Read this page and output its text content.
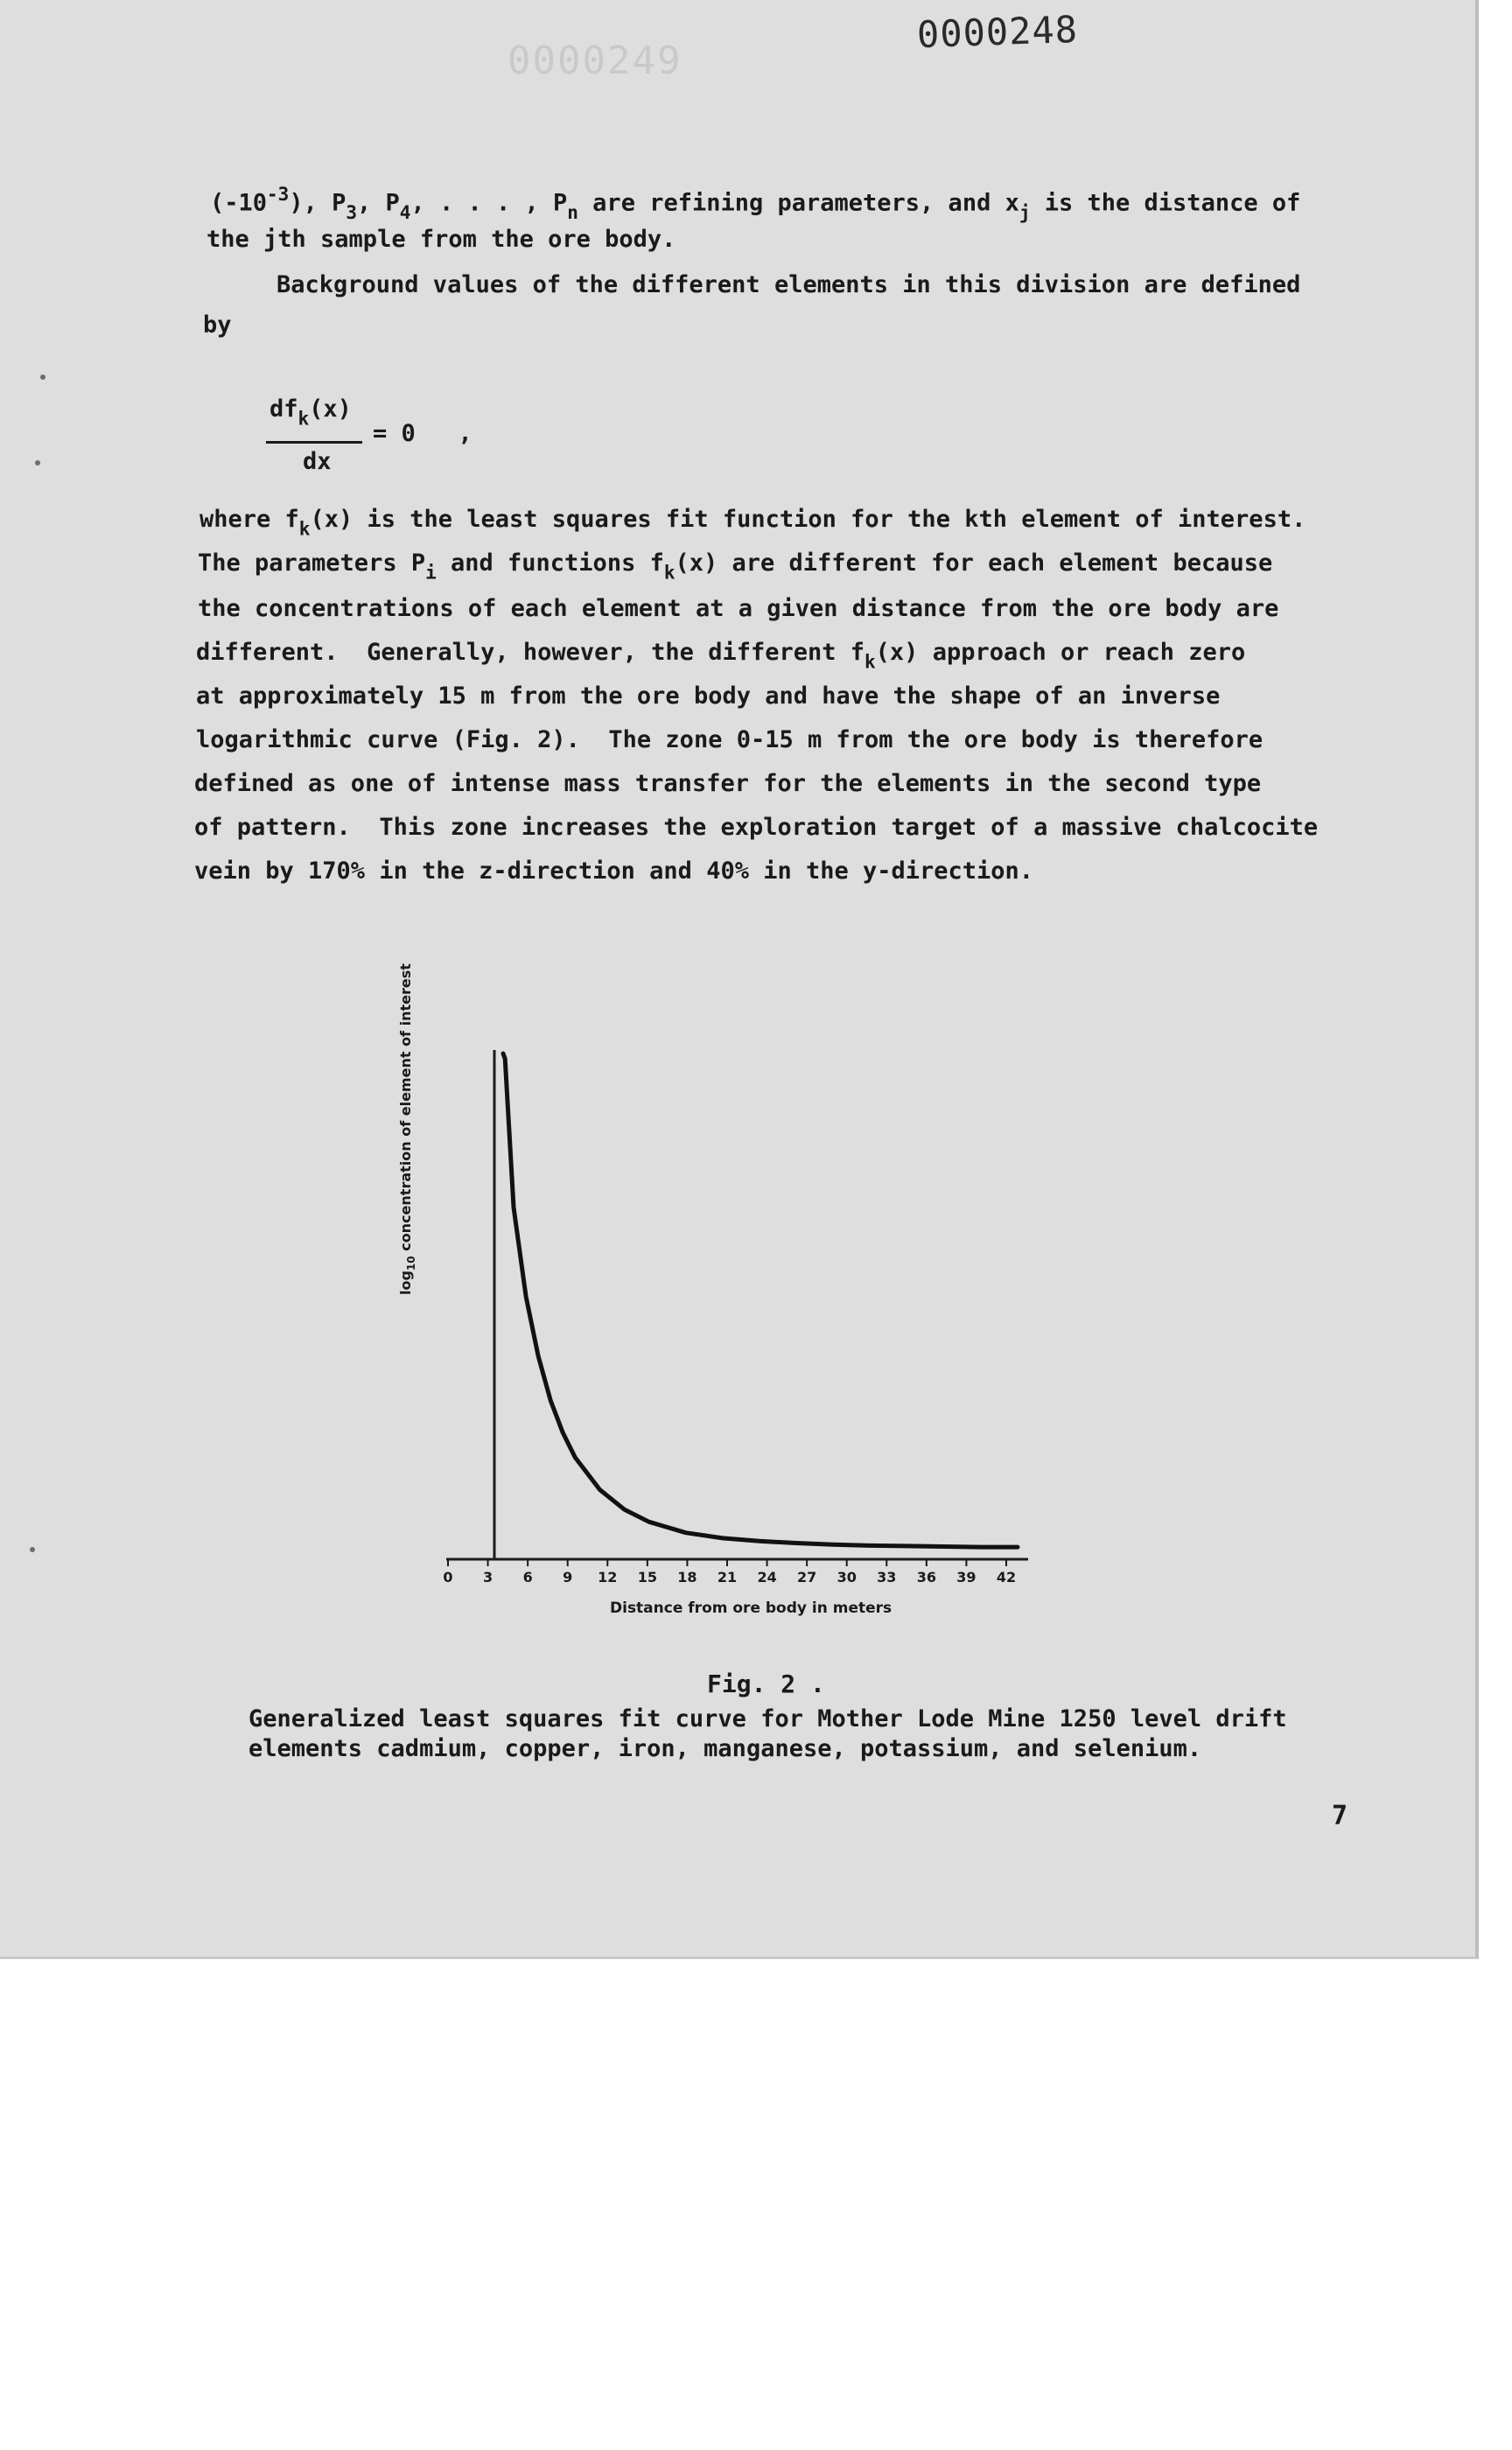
0000249
0000248
$(-10^{-3})$, $P_3$, $P_4$, . . . , $P_n$ are refining parameters, and $x_j$ is the distance of
the jth sample from the ore body.
Background values of the different elements in this division are defined
by
$df_k(x)$
dx
= 0   ,
where $f_k(x)$ is the least squares fit function for the kth element of interest.
The parameters $P_i$ and functions $f_k(x)$ are different for each element because
the concentrations of each element at a given distance from the ore body are
different.  Generally, however, the different $f_k(x)$ approach or reach zero
at approximately 15 m from the ore body and have the shape of an inverse
logarithmic curve (Fig. 2).  The zone 0-15 m from the ore body is therefore
defined as one of intense mass transfer for the elements in the second type
of pattern.  This zone increases the exploration target of a massive chalcocite
vein by 170% in the z-direction and 40% in the y-direction.
0 3 6 9 12 15 18 21 24 27 30 33 36 39 42
$\log_{10}$ concentration of element of interest
Distance from ore body in meters
Fig. 2 .
Generalized least squares fit curve for Mother Lode Mine 1250 level drift elements cadmium, copper, iron, manganese, potassium, and selenium.
7
